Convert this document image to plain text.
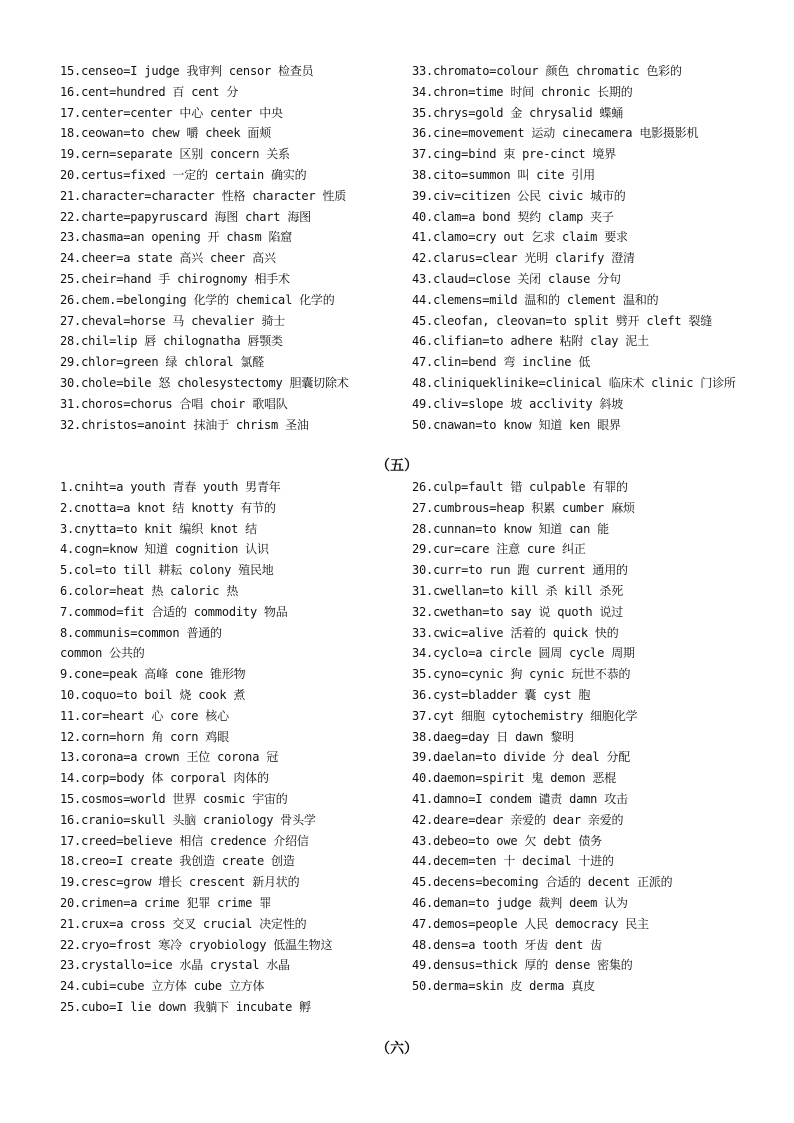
15.censeo=I judge 我审判 censor 检查员
16.cent=hundred 百 cent 分
17.center=center 中心 center 中央
18.ceowan=to chew 嚼 cheek 面颊
19.cern=separate 区别 concern 关系
20.certus=fixed 一定的 certain 确实的
21.character=character 性格 character 性质
22.charte=papyruscard 海图 chart 海图
23.chasma=an opening 开 chasm 陷窟
24.cheer=a state 高兴 cheer 高兴
25.cheir=hand 手 chirognomy 相手术
26.chem.=belonging 化学的 chemical 化学的
27.cheval=horse 马 chevalier 骑士
28.chil=lip 唇 chilognatha 唇颚类
29.chlor=green 绿 chloral 氯醛
30.chole=bile 怒 cholesystectomy 胆囊切除术
31.choros=chorus 合唱 choir 歌唱队
32.christos=anoint 抹油于 chrism 圣油
33.chromato=colour 颜色 chromatic 色彩的
34.chron=time 时间 chronic 长期的
35.chrys=gold 金 chrysalid 蝶蛹
36.cine=movement 运动 cinecamera 电影摄影机
37.cing=bind 束 pre-cinct 境界
38.cito=summon 叫 cite 引用
39.civ=citizen 公民 civic 城市的
40.clam=a bond 契约 clamp 夹子
41.clamo=cry out 乞求 claim 要求
42.clarus=clear 光明 clarify 澄清
43.claud=close 关闭 clause 分句
44.clemens=mild 温和的 clement 温和的
45.cleofan, cleovan=to split 劈开 cleft 裂缝
46.clifian=to adhere 粘附 clay 泥土
47.clin=bend 弯 incline 低
48.cliniqueklinike=clinical 临床术 clinic 门诊所
49.cliv=slope 坡 acclivity 斜坡
50.cnawan=to know 知道 ken 眼界
（五）
1.cniht=a youth 青春 youth 男青年
2.cnotta=a knot 结 knotty 有节的
3.cnytta=to knit 编织 knot 结
4.cogn=know 知道 cognition 认识
5.col=to till 耕耘 colony 殖民地
6.color=heat 热 caloric 热
7.commod=fit 合适的 commodity 物品
8.communis=common 普通的
common 公共的
9.cone=peak 高峰 cone 锥形物
10.coquo=to boil 烧 cook 煮
11.cor=heart 心 core 核心
12.corn=horn 角 corn 鸡眼
13.corona=a crown 王位 corona 冠
14.corp=body 体 corporal 肉体的
15.cosmos=world 世界 cosmic 宇宙的
16.cranio=skull 头脑 craniology 骨头学
17.creed=believe 相信 credence 介绍信
18.creo=I create 我创造 create 创造
19.cresc=grow 增长 crescent 新月状的
20.crimen=a crime 犯罪 crime 罪
21.crux=a cross 交叉 crucial 决定性的
22.cryo=frost 寒冷 cryobiology 低温生物这
23.crystallo=ice 水晶 crystal 水晶
24.cubi=cube 立方体 cube 立方体
25.cubo=I lie down 我躺下 incubate 孵
26.culp=fault 错 culpable 有罪的
27.cumbrous=heap 积累 cumber 麻烦
28.cunnan=to know 知道 can 能
29.cur=care 注意 cure 纠正
30.curr=to run 跑 current 通用的
31.cwellan=to kill 杀 kill 杀死
32.cwethan=to say 说 quoth 说过
33.cwic=alive 活着的 quick 快的
34.cyclo=a circle 圆周 cycle 周期
35.cyno=cynic 狗 cynic 玩世不恭的
36.cyst=bladder 囊 cyst 胞
37.cyt 细胞 cytochemistry 细胞化学
38.daeg=day 日 dawn 黎明
39.daelan=to divide 分 deal 分配
40.daemon=spirit 鬼 demon 恶棍
41.damno=I condem 谴责 damn 攻击
42.deare=dear 亲爱的 dear 亲爱的
43.debeo=to owe 欠 debt 债务
44.decem=ten 十 decimal 十进的
45.decens=becoming 合适的 decent 正派的
46.deman=to judge 裁判 deem 认为
47.demos=people 人民 democracy 民主
48.dens=a tooth 牙齿 dent 齿
49.densus=thick 厚的 dense 密集的
50.derma=skin 皮 derma 真皮
（六）
